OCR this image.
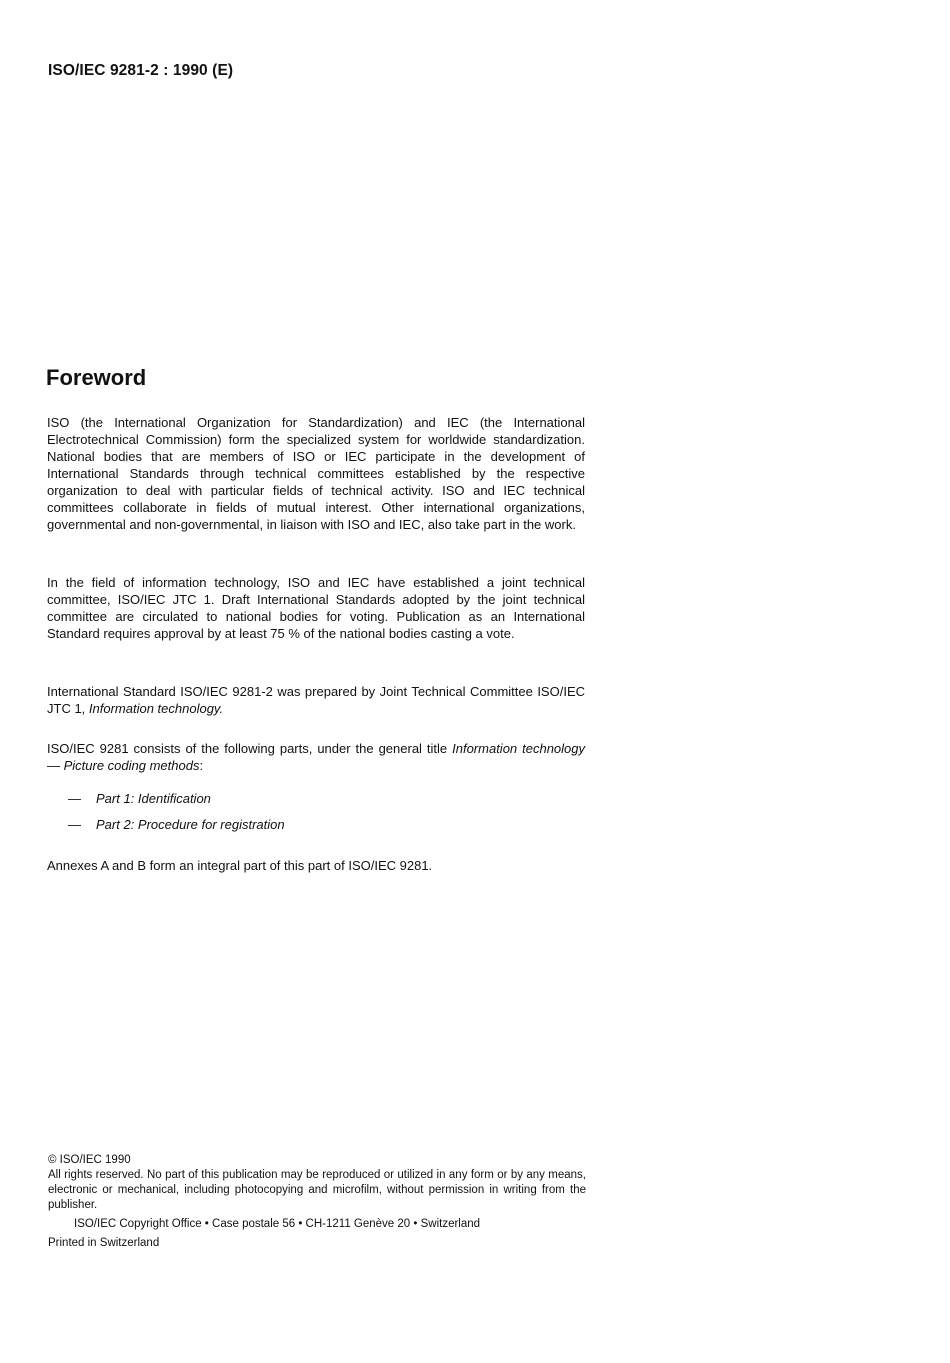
ISO/IEC 9281-2 : 1990 (E)
Foreword

ISO (the International Organization for Standardization) and IEC (the International Electrotechnical Commission) form the specialized system for worldwide standardization. National bodies that are members of ISO or IEC participate in the development of International Standards through technical committees established by the respective organization to deal with particular fields of technical activity. ISO and IEC technical committees collaborate in fields of mutual interest. Other international organizations, governmental and non-governmental, in liaison with ISO and IEC, also take part in the work.

In the field of information technology, ISO and IEC have established a joint technical committee, ISO/IEC JTC 1. Draft International Standards adopted by the joint technical committee are circulated to national bodies for voting. Publication as an International Standard requires approval by at least 75 % of the national bodies casting a vote.

International Standard ISO/IEC 9281-2 was prepared by Joint Technical Committee ISO/IEC JTC 1, Information technology.

ISO/IEC 9281 consists of the following parts, under the general title Information technology — Picture coding methods:

—	Part 1: Identification
—	Part 2: Procedure for registration

Annexes A and B form an integral part of this part of ISO/IEC 9281.

© ISO/IEC 1990

All rights reserved. No part of this publication may be reproduced or utilized in any form or by any means, electronic or mechanical, including photocopying and microfilm, without permission in writing from the publisher.

ISO/IEC Copyright Office • Case postale 56 • CH-1211 Genève 20 • Switzerland

Printed in Switzerland
